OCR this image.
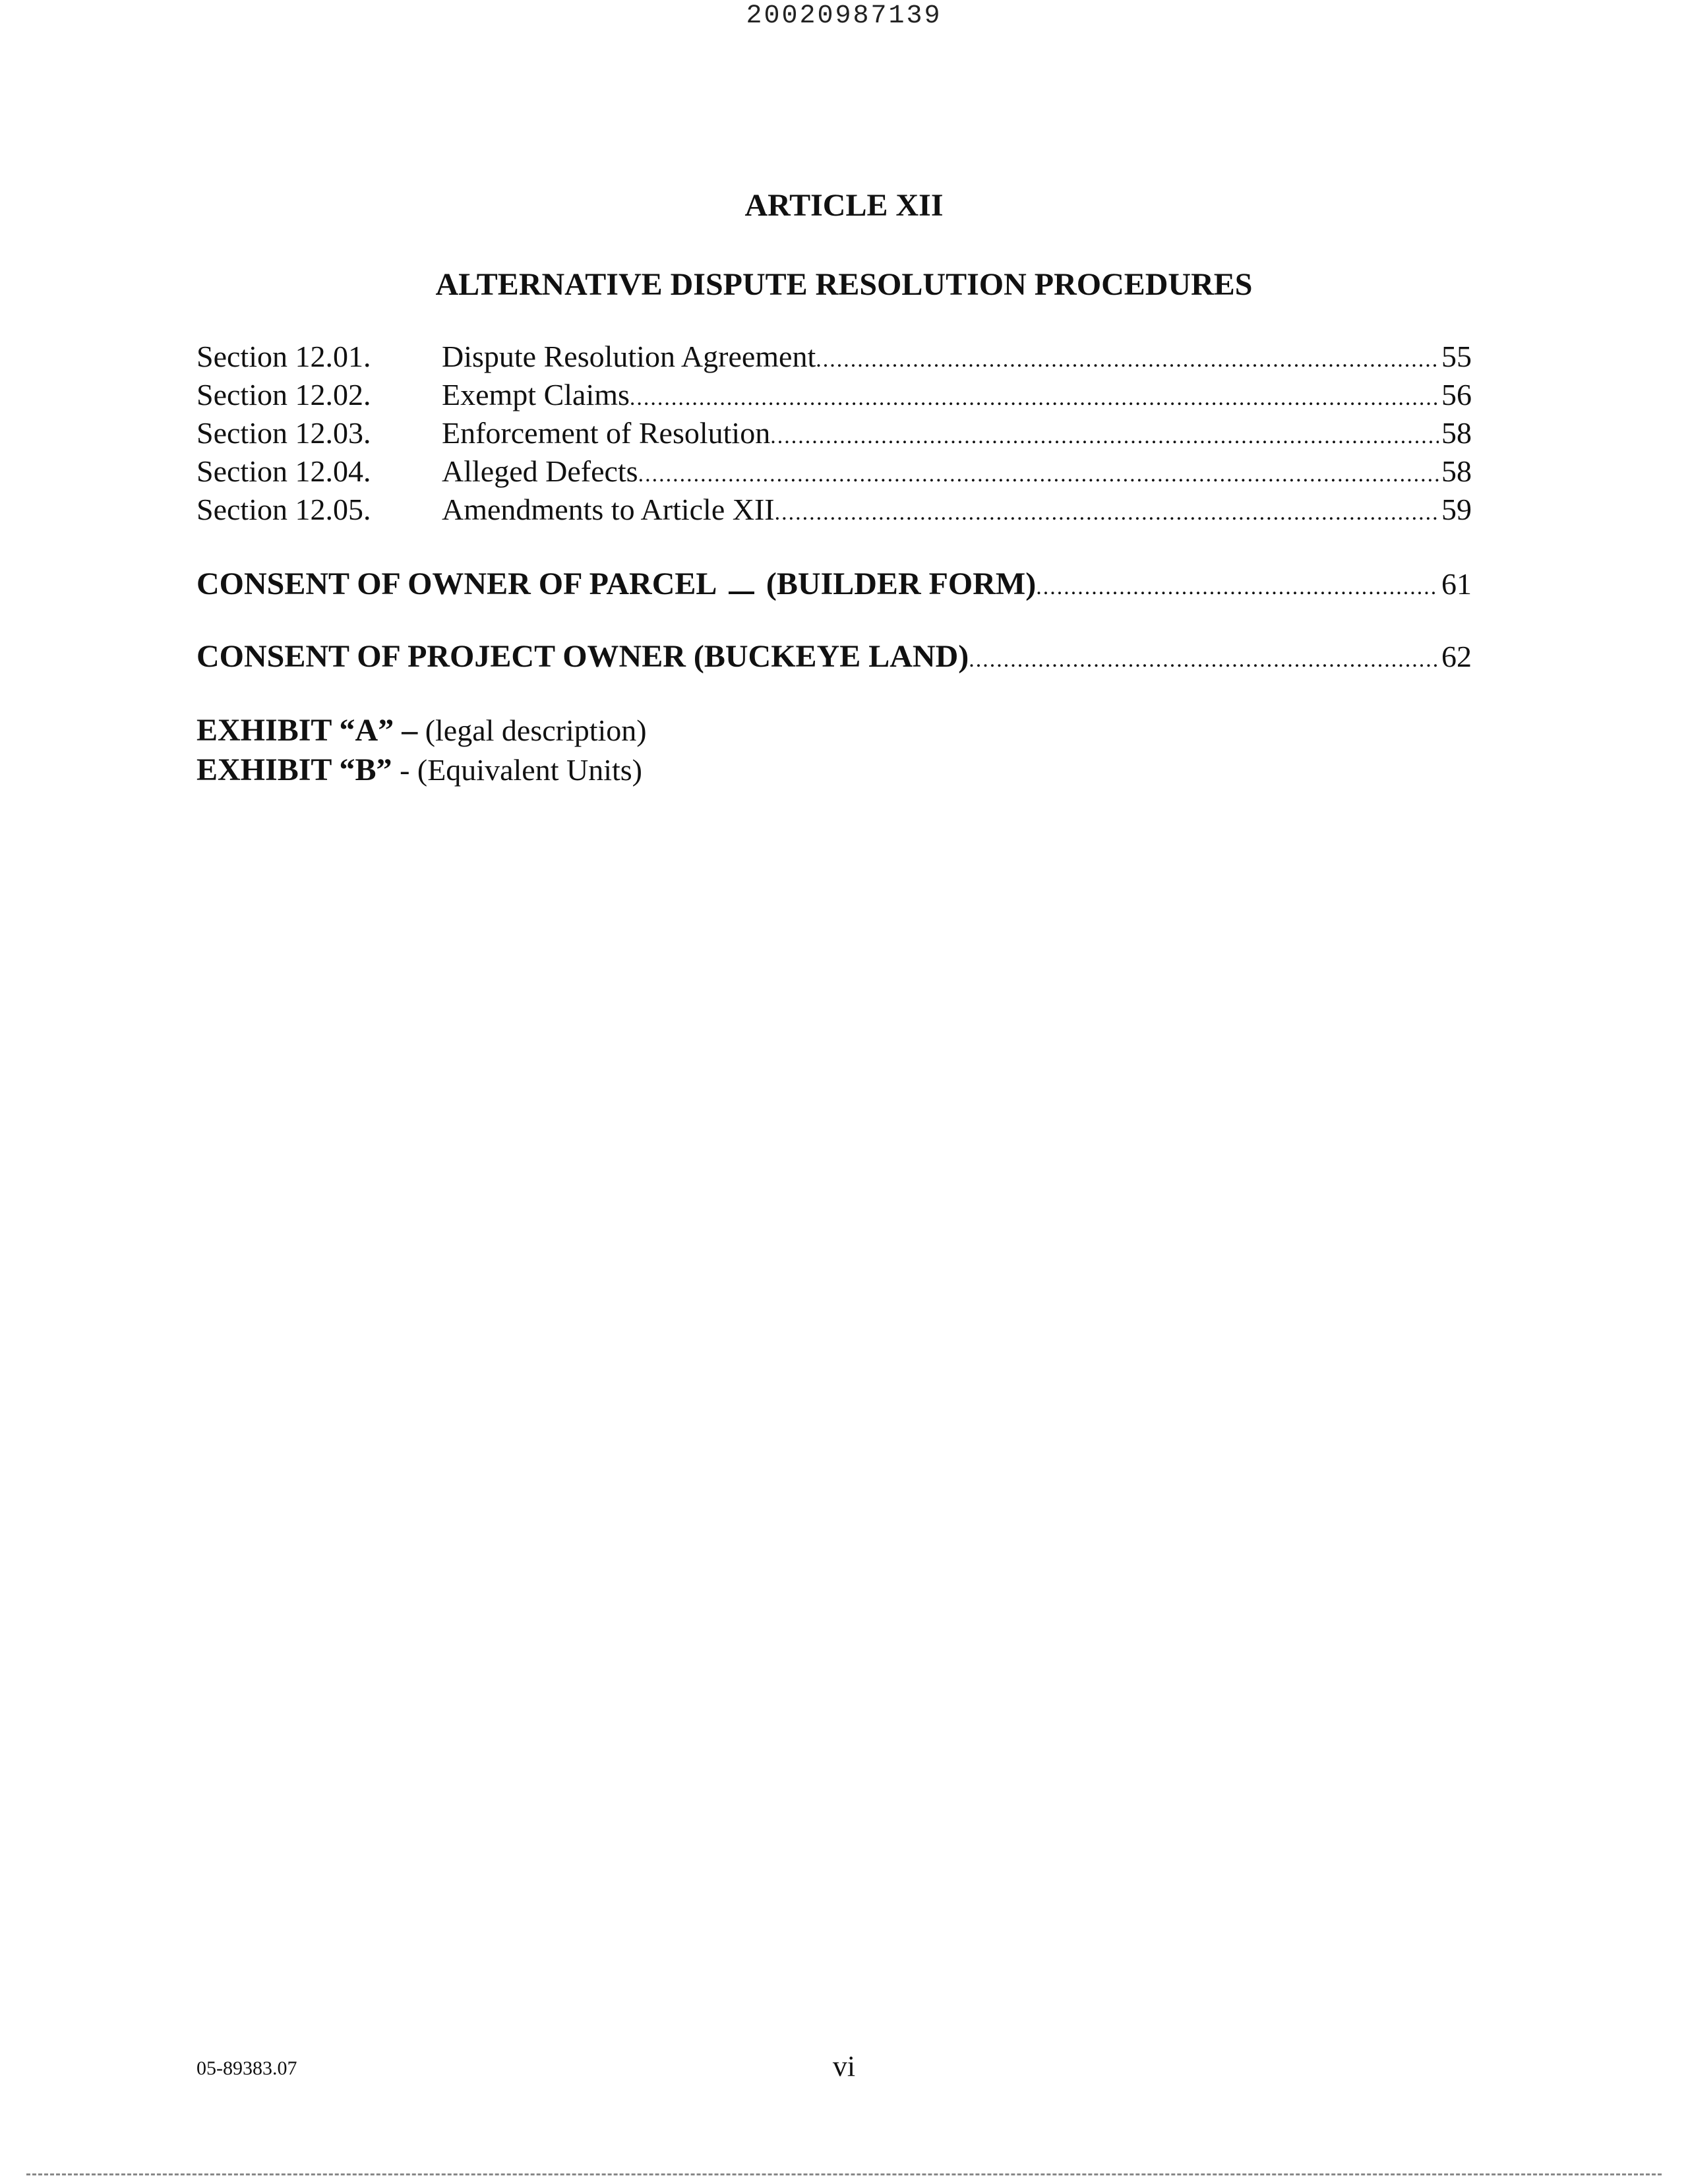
20020987139
ARTICLE XII
ALTERNATIVE DISPUTE RESOLUTION PROCEDURES
Section 12.01.	Dispute Resolution Agreement .....	55
Section 12.02.	Exempt Claims .....	56
Section 12.03.	Enforcement of Resolution .....	58
Section 12.04.	Alleged Defects .....	58
Section 12.05.	Amendments to Article XII .....	59
CONSENT OF OWNER OF PARCEL (BUILDER FORM) .....	61
CONSENT OF PROJECT OWNER (BUCKEYE LAND) .....	62
EXHIBIT “A” – (legal description)
EXHIBIT “B” - (Equivalent Units)
05-89383.07	vi
